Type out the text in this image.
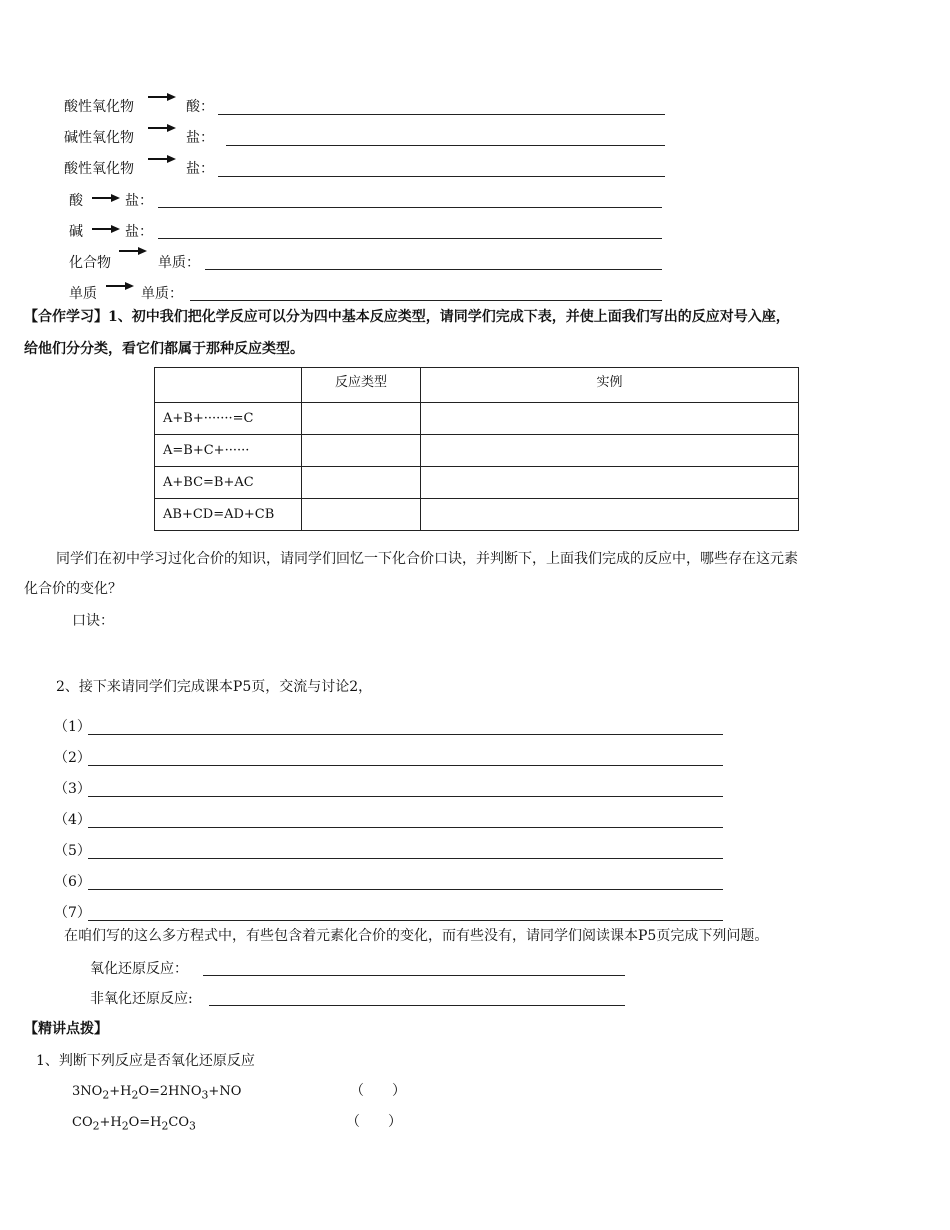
酸性氧化物	酸：
碱性氧化物	盐：
酸性氧化物	盐：
酸	盐：
碱	盐：
化合物	单质：
单质	单质：
【合作学习】1、初中我们把化学反应可以分为四中基本反应类型，请同学们完成下表，并使上面我们写出的反应对号入座，
给他们分分类，看它们都属于那种反应类型。
	反应类型	实例
A+B+·······=C		
A=B+C+······		
A+BC=B+AC		
AB+CD=AD+CB		
同学们在初中学习过化合价的知识，请同学们回忆一下化合价口诀，并判断下，上面我们完成的反应中，哪些存在这元素
化合价的变化？
口诀：
2、接下来请同学们完成课本P5页，交流与讨论2，
（1）
（2）
（3）
（4）
（5）
（6）
（7）
在咱们写的这么多方程式中，有些包含着元素化合价的变化，而有些没有，请同学们阅读课本P5页完成下列问题。
氧化还原反应：
非氧化还原反应:
【精讲点拨】
1、判断下列反应是否氧化还原反应
$3NO_2+H_2O=2HNO_3+NO$	（　　）
$CO_2+H_2O=H_2CO_3$	（　　）
